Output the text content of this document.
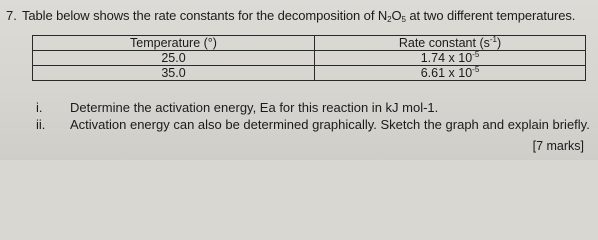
7. Table below shows the rate constants for the decomposition of $N_2O_5$ at two different temperatures.
Temperature (°)	Rate constant $(s^{-1})$
25.0	1.74 x $10^{-5}$
35.0	6.61 x $10^{-5}$
i. Determine the activation energy, Ea for this reaction in kJ mol-1.
ii. Activation energy can also be determined graphically. Sketch the graph and explain briefly.
[7 marks]
